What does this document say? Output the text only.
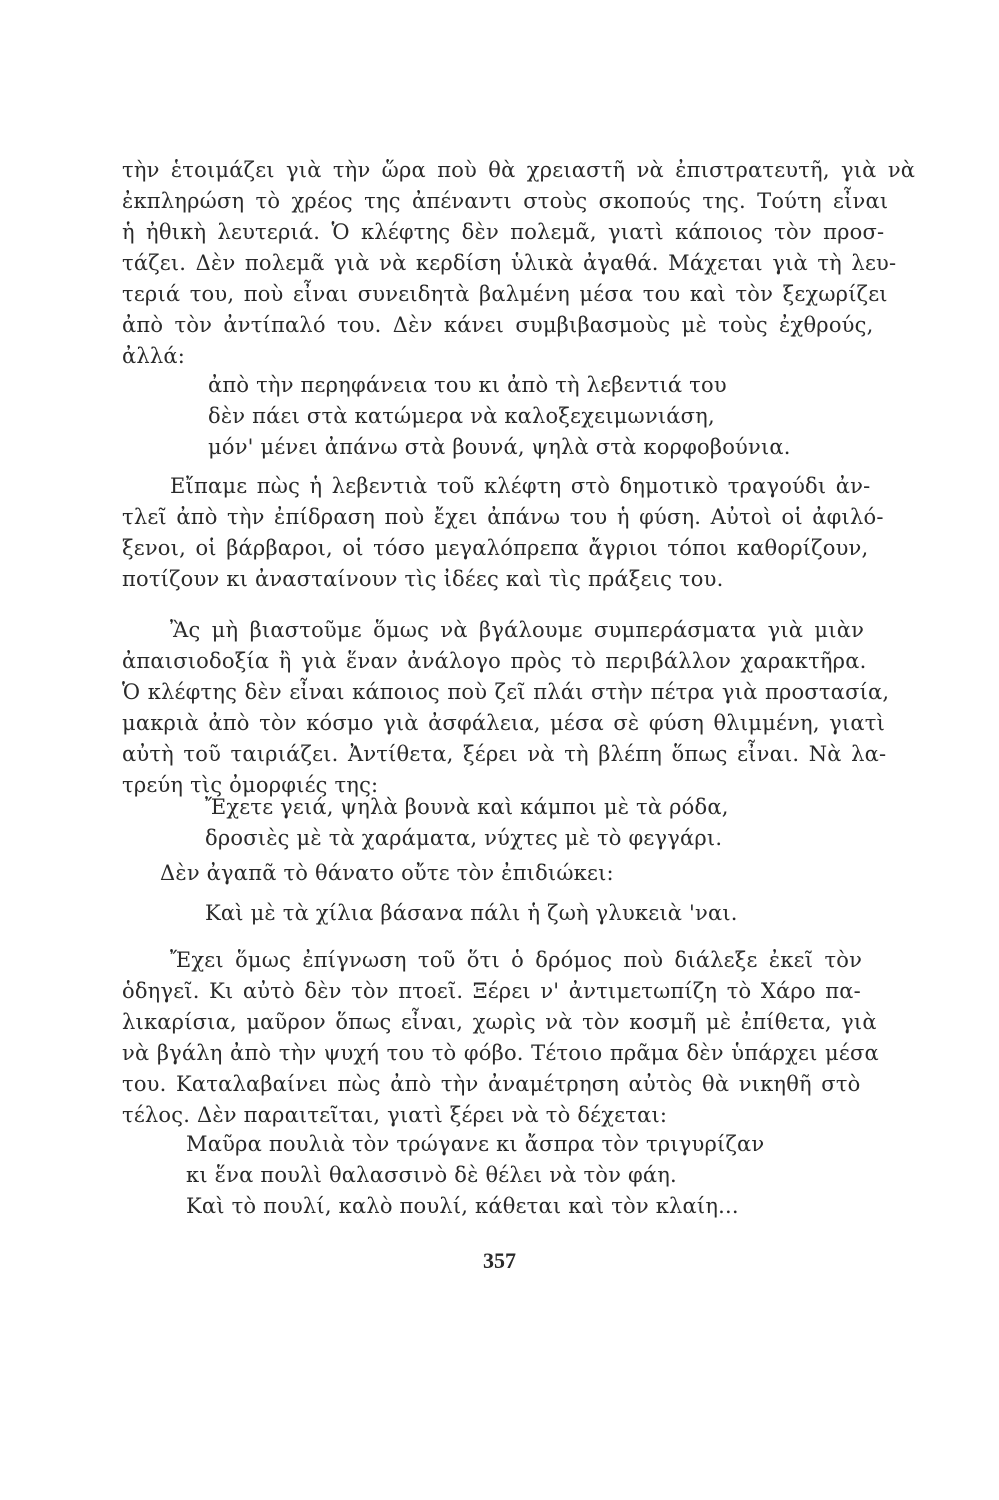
τὴν ἑτοιμάζει γιὰ τὴν ὥρα ποὺ θὰ χρειαστῆ νὰ ἐπιστρατευτῆ, γιὰ νὰ
ἐκπληρώση τὸ χρέος της ἀπέναντι στοὺς σκοπούς της. Τούτη εἶναι
ἡ ἠθικὴ λευτεριά. Ὁ κλέφτης δὲν πολεμᾶ, γιατὶ κάποιος τὸν προσ-
τάζει. Δὲν πολεμᾶ γιὰ νὰ κερδίση ὑλικὰ ἀγαθά. Μάχεται γιὰ τὴ λευ-
τεριά του, ποὺ εἶναι συνειδητὰ βαλμένη μέσα του καὶ τὸν ξεχωρίζει
ἀπὸ τὸν ἀντίπαλό του. Δὲν κάνει συμβιβασμοὺς μὲ τοὺς ἐχθρούς,
ἀλλά:
ἀπὸ τὴν περηφάνεια του κι ἀπὸ τὴ λεβεντιά του
δὲν πάει στὰ κατώμερα νὰ καλοξεχειμωνιάση,
μόν' μένει ἀπάνω στὰ βουνά, ψηλὰ στὰ κορφοβούνια.
Εἴπαμε πὼς ἡ λεβεντιὰ τοῦ κλέφτη στὸ δημοτικὸ τραγούδι ἀν-
τλεῖ ἀπὸ τὴν ἐπίδραση ποὺ ἔχει ἀπάνω του ἡ φύση. Αὐτοὶ οἱ ἀφιλό-
ξενοι, οἱ βάρβαροι, οἱ τόσο μεγαλόπρεπα ἄγριοι τόποι καθορίζουν,
ποτίζουν κι ἀνασταίνουν τὶς ἰδέες καὶ τὶς πράξεις του.
Ἂς μὴ βιαστοῦμε ὅμως νὰ βγάλουμε συμπεράσματα γιὰ μιὰν
ἀπαισιοδοξία ἢ γιὰ ἕναν ἀνάλογο πρὸς τὸ περιβάλλον χαρακτῆρα.
Ὁ κλέφτης δὲν εἶναι κάποιος ποὺ ζεῖ πλάι στὴν πέτρα γιὰ προστασία,
μακριὰ ἀπὸ τὸν κόσμο γιὰ ἀσφάλεια, μέσα σὲ φύση θλιμμένη, γιατὶ
αὐτὴ τοῦ ταιριάζει. Ἀντίθετα, ξέρει νὰ τὴ βλέπη ὅπως εἶναι. Νὰ λα-
τρεύη τὶς ὀμορφιές της:
Ἔχετε γειά, ψηλὰ βουνὰ καὶ κάμποι μὲ τὰ ρόδα,
δροσιὲς μὲ τὰ χαράματα, νύχτες μὲ τὸ φεγγάρι.
Δὲν ἀγαπᾶ τὸ θάνατο οὔτε τὸν ἐπιδιώκει:
Καὶ μὲ τὰ χίλια βάσανα πάλι ἡ ζωὴ γλυκειὰ 'ναι.
Ἔχει ὅμως ἐπίγνωση τοῦ ὅτι ὁ δρόμος ποὺ διάλεξε ἐκεῖ τὸν
ὁδηγεῖ. Κι αὐτὸ δὲν τὸν πτοεῖ. Ξέρει ν' ἀντιμετωπίζη τὸ Χάρο πα-
λικαρίσια, μαῦρον ὅπως εἶναι, χωρὶς νὰ τὸν κοσμῆ μὲ ἐπίθετα, γιὰ
νὰ βγάλη ἀπὸ τὴν ψυχή του τὸ φόβο. Τέτοιο πρᾶμα δὲν ὑπάρχει μέσα
του. Καταλαβαίνει πὼς ἀπὸ τὴν ἀναμέτρηση αὐτὸς θὰ νικηθῆ στὸ
τέλος. Δὲν παραιτεῖται, γιατὶ ξέρει νὰ τὸ δέχεται:
Μαῦρα πουλιὰ τὸν τρώγανε κι ἄσπρα τὸν τριγυρίζαν
κι ἕνα πουλὶ θαλασσινὸ δὲ θέλει νὰ τὸν φάη.
Καὶ τὸ πουλί, καλὸ πουλί, κάθεται καὶ τὸν κλαίη...
357
